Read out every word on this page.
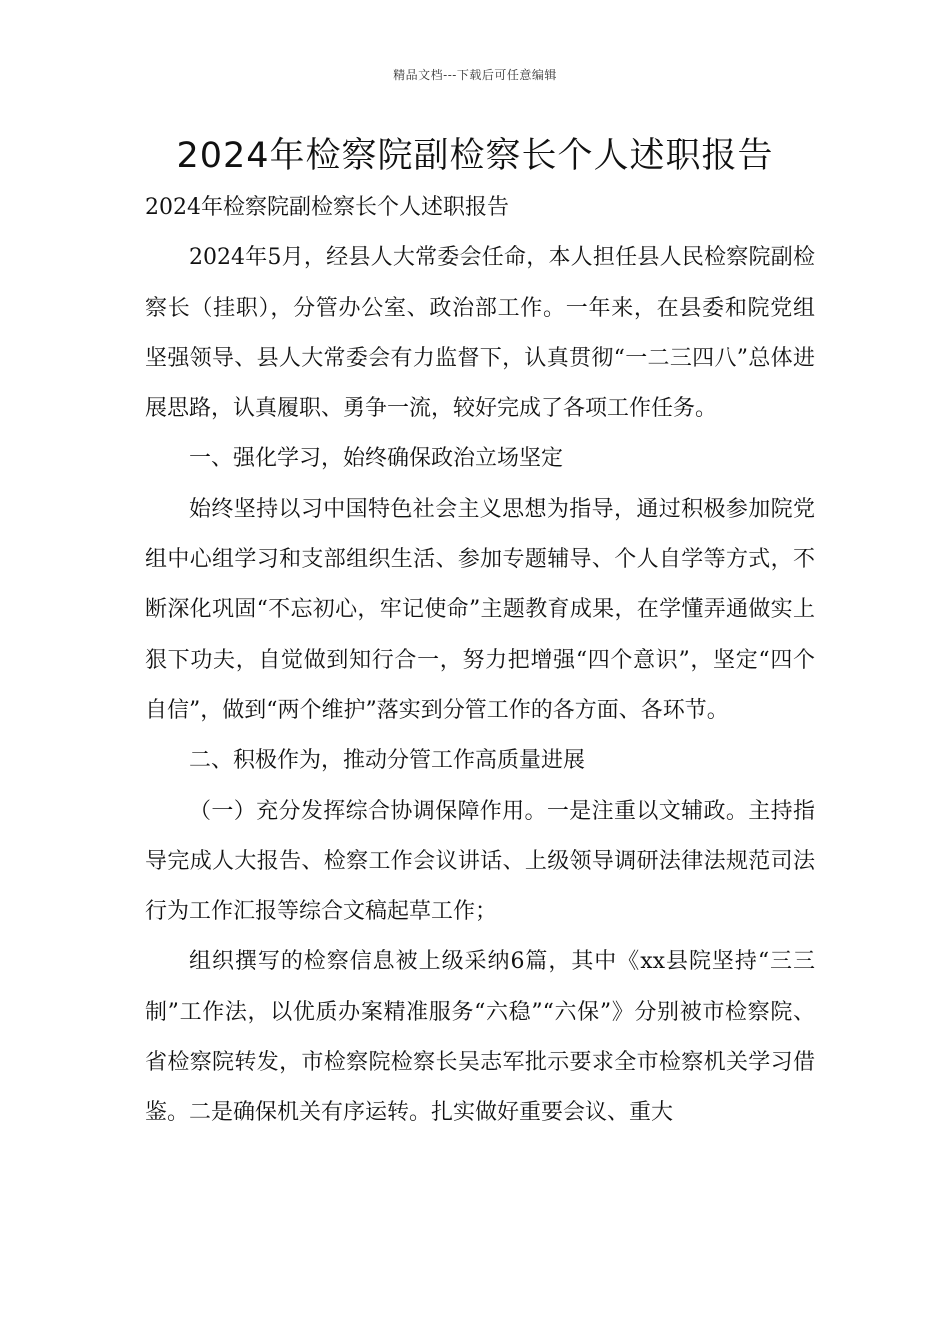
精品文档---下载后可任意编辑
2024年检察院副检察长个人述职报告

2024年检察院副检察长个人述职报告

2024年5月，经县人大常委会任命，本人担任县人民检察院副检察长（挂职），分管办公室、政治部工作。一年来，在县委和院党组坚强领导、县人大常委会有力监督下，认真贯彻“一二三四八”总体进展思路，认真履职、勇争一流，较好完成了各项工作任务。

一、强化学习，始终确保政治立场坚定

始终坚持以习中国特色社会主义思想为指导，通过积极参加院党组中心组学习和支部组织生活、参加专题辅导、个人自学等方式，不断深化巩固“不忘初心，牢记使命”主题教育成果，在学懂弄通做实上狠下功夫，自觉做到知行合一，努力把增强“四个意识”，坚定“四个自信”，做到“两个维护”落实到分管工作的各方面、各环节。

二、积极作为，推动分管工作高质量进展

（一）充分发挥综合协调保障作用。一是注重以文辅政。主持指导完成人大报告、检察工作会议讲话、上级领导调研法律法规范司法行为工作汇报等综合文稿起草工作；

组织撰写的检察信息被上级采纳6篇，其中《xx县院坚持“三三制”工作法，以优质办案精准服务“六稳”“六保”》分别被市检察院、省检察院转发，市检察院检察长吴志军批示要求全市检察机关学习借鉴。二是确保机关有序运转。扎实做好重要会议、重大
